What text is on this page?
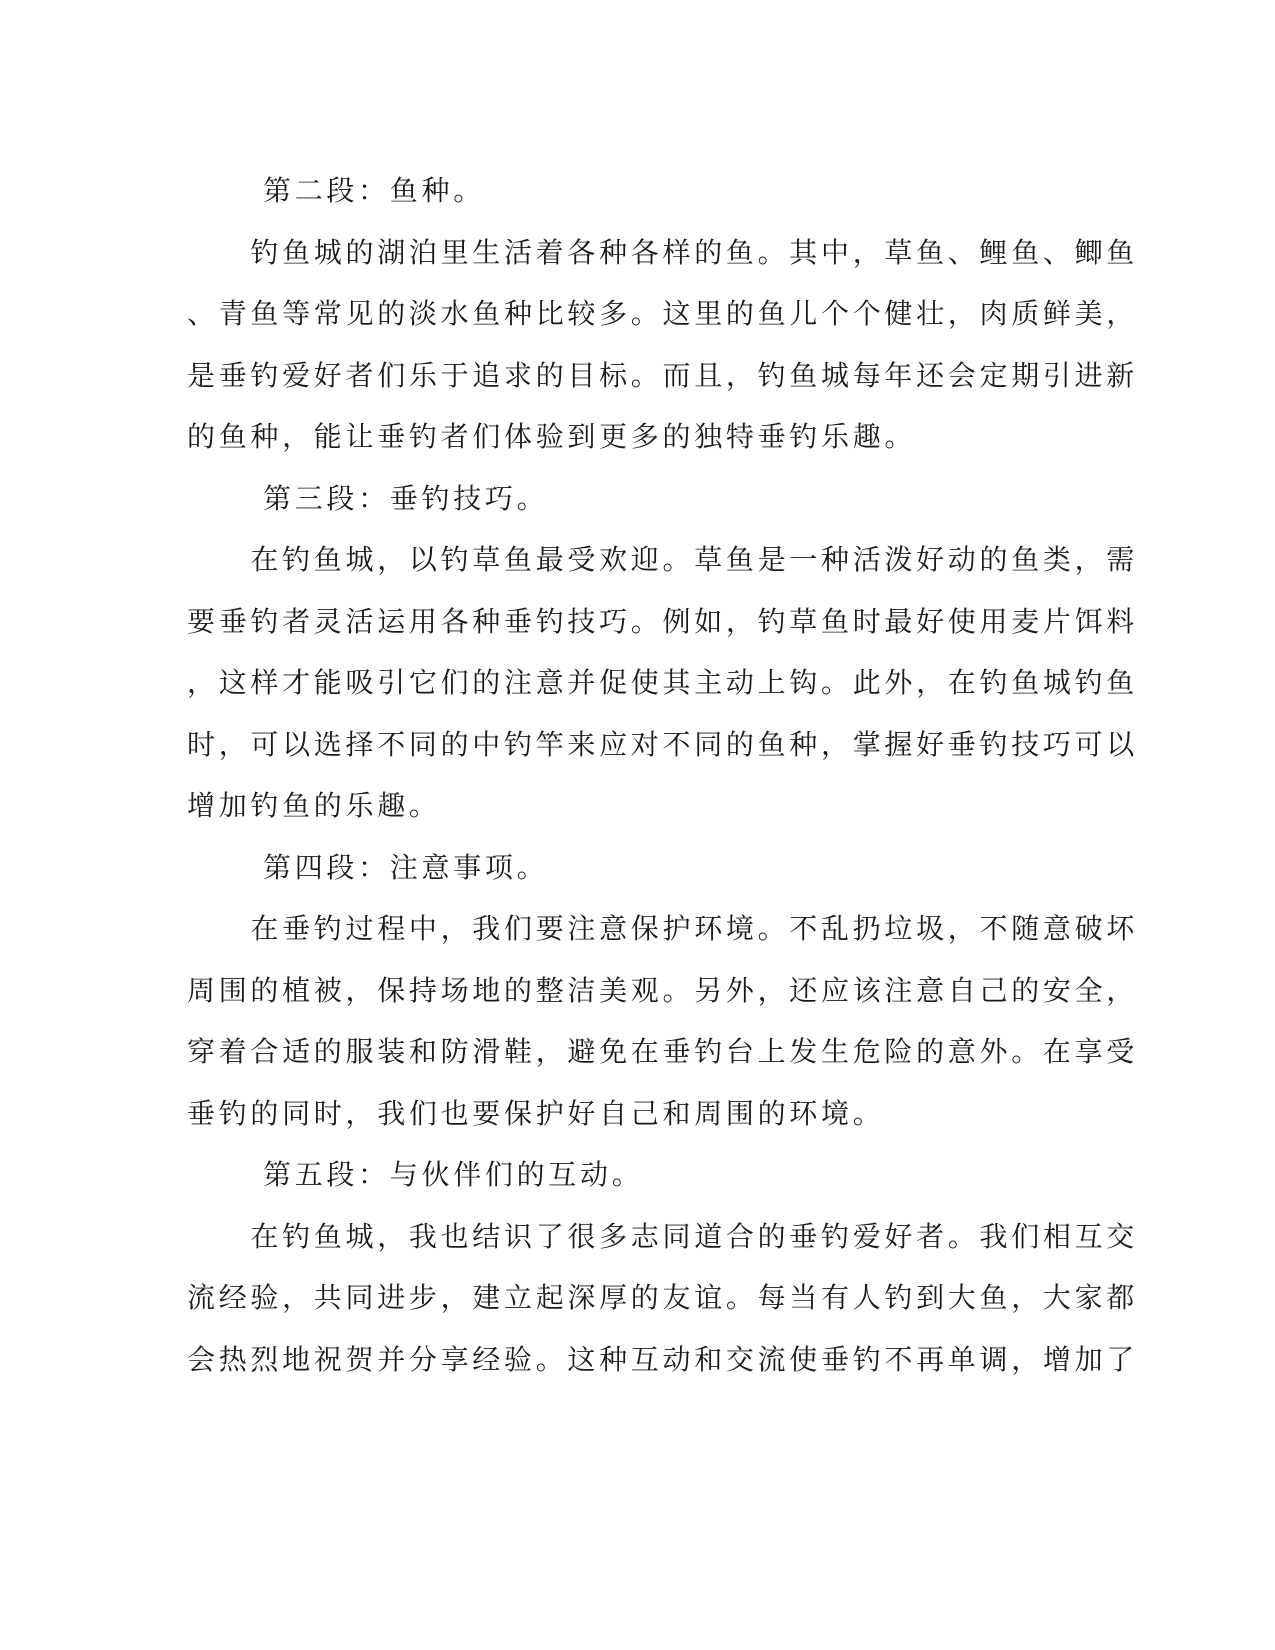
第二段：鱼种。
　　钓鱼城的湖泊里生活着各种各样的鱼。其中，草鱼、鲤鱼、鲫鱼
、青鱼等常见的淡水鱼种比较多。这里的鱼儿个个健壮，肉质鲜美，
是垂钓爱好者们乐于追求的目标。而且，钓鱼城每年还会定期引进新
的鱼种，能让垂钓者们体验到更多的独特垂钓乐趣。
第三段：垂钓技巧。
　　在钓鱼城，以钓草鱼最受欢迎。草鱼是一种活泼好动的鱼类，需
要垂钓者灵活运用各种垂钓技巧。例如，钓草鱼时最好使用麦片饵料
，这样才能吸引它们的注意并促使其主动上钩。此外，在钓鱼城钓鱼
时，可以选择不同的中钓竿来应对不同的鱼种，掌握好垂钓技巧可以
增加钓鱼的乐趣。
第四段：注意事项。
　　在垂钓过程中，我们要注意保护环境。不乱扔垃圾，不随意破坏
周围的植被，保持场地的整洁美观。另外，还应该注意自己的安全，
穿着合适的服装和防滑鞋，避免在垂钓台上发生危险的意外。在享受
垂钓的同时，我们也要保护好自己和周围的环境。
第五段：与伙伴们的互动。
　　在钓鱼城，我也结识了很多志同道合的垂钓爱好者。我们相互交
流经验，共同进步，建立起深厚的友谊。每当有人钓到大鱼，大家都
会热烈地祝贺并分享经验。这种互动和交流使垂钓不再单调，增加了
